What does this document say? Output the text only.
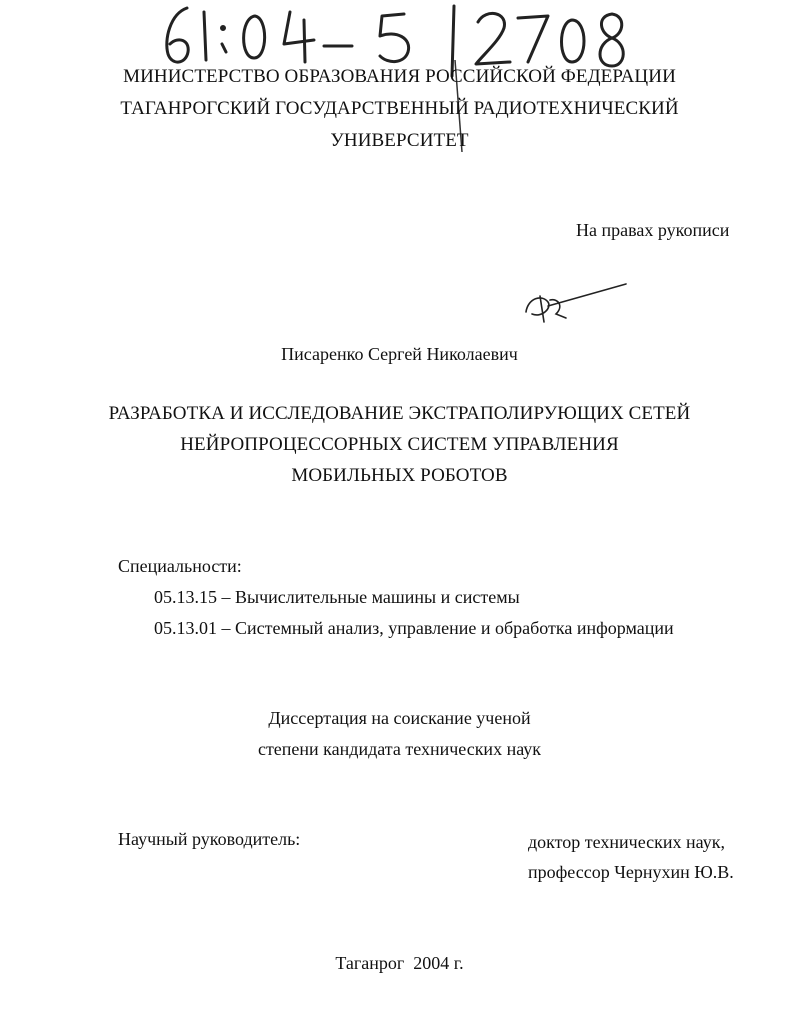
МИНИСТЕРСТВО ОБРАЗОВАНИЯ РОССИЙСКОЙ ФЕДЕРАЦИИ
ТАГАНРОГСКИЙ ГОСУДАРСТВЕННЫЙ РАДИОТЕХНИЧЕСКИЙ
УНИВЕРСИТЕТ
На правах рукописи
Писаренко Сергей Николаевич
РАЗРАБОТКА И ИССЛЕДОВАНИЕ ЭКСТРАПОЛИРУЮЩИХ СЕТЕЙ
НЕЙРОПРОЦЕССОРНЫХ СИСТЕМ УПРАВЛЕНИЯ
МОБИЛЬНЫХ РОБОТОВ
Специальности:
05.13.15 – Вычислительные машины и системы
05.13.01 – Системный анализ, управление и обработка информации
Диссертация на соискание ученой
степени кандидата технических наук
Научный руководитель:	доктор технических наук,
профессор Чернухин Ю.В.
Таганрог  2004 г.
